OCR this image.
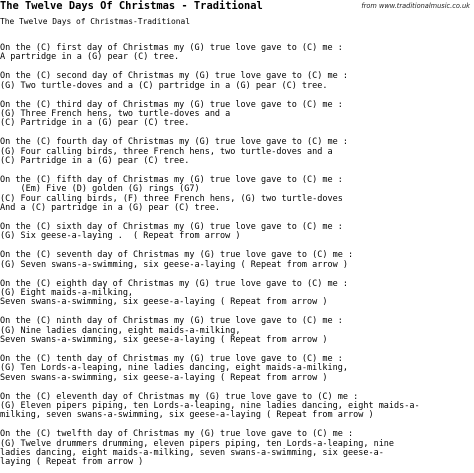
The Twelve Days Of Christmas - Traditional	from www.traditionalmusic.co.uk
The Twelve Days of Christmas-Traditional
On the (C) first day of Christmas my (G) true love gave to (C) me :
A partridge in a (G) pear (C) tree.
On the (C) second day of Christmas my (G) true love gave to (C) me :
(G) Two turtle-doves and a (C) partridge in a (G) pear (C) tree.
On the (C) third day of Christmas my (G) true love gave to (C) me :
(G) Three French hens, two turtle-doves and a
(C) Partridge in a (G) pear (C) tree.
On the (C) fourth day of Christmas my (G) true love gave to (C) me :
(G) Four calling birds, three French hens, two turtle-doves and a
(C) Partridge in a (G) pear (C) tree.
On the (C) fifth day of Christmas my (G) true love gave to (C) me :
(Em) Five (D) golden (G) rings (G7)
(C) Four calling birds, (F) three French hens, (G) two turtle-doves
And a (C) partridge in a (G) pear (C) tree.
On the (C) sixth day of Christmas my (G) true love gave to (C) me :
(G) Six geese-a-laying .  ( Repeat from arrow )
On the (C) seventh day of Christmas my (G) true love gave to (C) me :
(G) Seven swans-a-swimming, six geese-a-laying ( Repeat from arrow )
On the (C) eighth day of Christmas my (G) true love gave to (C) me :
(G) Eight maids-a-milking,
Seven swans-a-swimming, six geese-a-laying ( Repeat from arrow )
On the (C) ninth day of Christmas my (G) true love gave to (C) me :
(G) Nine ladies dancing, eight maids-a-milking,
Seven swans-a-swimming, six geese-a-laying ( Repeat from arrow )
On the (C) tenth day of Christmas my (G) true love gave to (C) me :
(G) Ten Lords-a-leaping, nine ladies dancing, eight maids-a-milking,
Seven swans-a-swimming, six geese-a-laying ( Repeat from arrow )
On the (C) eleventh day of Christmas my (G) true love gave to (C) me :
(G) Eleven pipers piping, ten Lords-a-leaping, nine ladies dancing, eight maids-a-
milking, seven swans-a-swimming, six geese-a-laying ( Repeat from arrow )
On the (C) twelfth day of Christmas my (G) true love gave to (C) me :
(G) Twelve drummers drumming, eleven pipers piping, ten Lords-a-leaping, nine
ladies dancing, eight maids-a-milking, seven swans-a-swimming, six geese-a-
laying ( Repeat from arrow )
